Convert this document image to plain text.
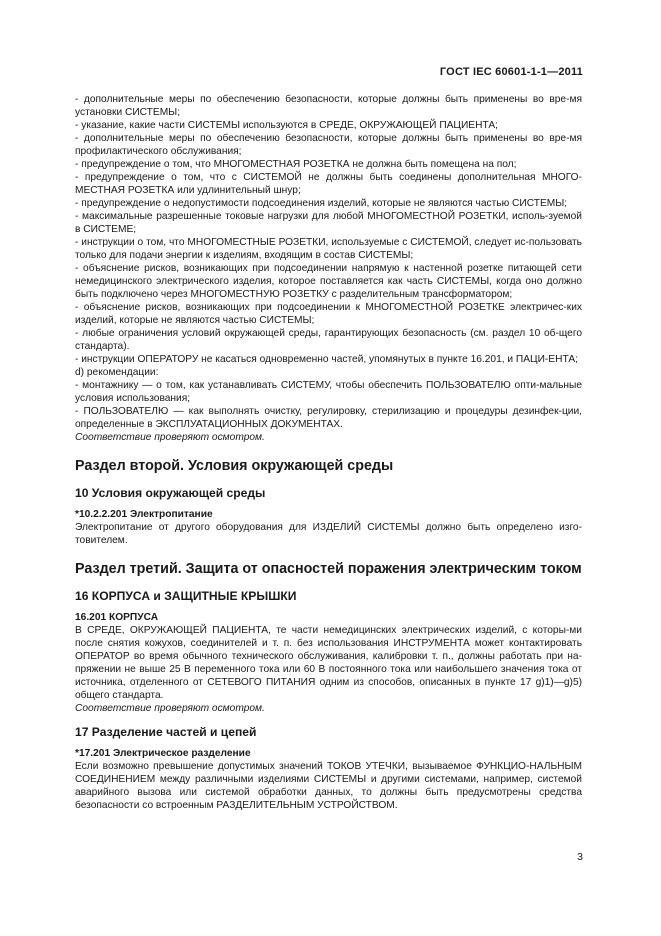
ГОСТ IEC 60601-1-1—2011

- дополнительные меры по обеспечению безопасности, которые должны быть применены во вре-мя установки СИСТЕМЫ;

- указание, какие части СИСТЕМЫ используются в СРЕДЕ, ОКРУЖАЮЩЕЙ ПАЦИЕНТА;

- дополнительные меры по обеспечению безопасности, которые должны быть применены во вре-мя профилактического обслуживания;

- предупреждение о том, что МНОГОМЕСТНАЯ РОЗЕТКА не должна быть помещена на пол;

- предупреждение о том, что с СИСТЕМОЙ не должны быть соединены дополнительная МНОГО-МЕСТНАЯ РОЗЕТКА или удлинительный шнур;

- предупреждение о недопустимости подсоединения изделий, которые не являются частью СИСТЕМЫ;

- максимальные разрешенные токовые нагрузки для любой МНОГОМЕСТНОЙ РОЗЕТКИ, исполь-зуемой в СИСТЕМЕ;

- инструкции о том, что МНОГОМЕСТНЫЕ РОЗЕТКИ, используемые с СИСТЕМОЙ, следует ис-пользовать только для подачи энергии к изделиям, входящим в состав СИСТЕМЫ;

- объяснение рисков, возникающих при подсоединении напрямую к настенной розетке питающей сети немедицинского электрического изделия, которое поставляется как часть СИСТЕМЫ, когда оно должно быть подключено через МНОГОМЕСТНУЮ РОЗЕТКУ с разделительным трансформатором;

- объяснение рисков, возникающих при подсоединении к МНОГОМЕСТНОЙ РОЗЕТКЕ электричес-ких изделий, которые не являются частью СИСТЕМЫ;

- любые ограничения условий окружающей среды, гарантирующих безопасность (см. раздел 10 об-щего стандарта).

- инструкции ОПЕРАТОРУ не касаться одновременно частей, упомянутых в пункте 16.201, и ПАЦИ-ЕНТА;

d) рекомендации:

- монтажнику — о том, как устанавливать СИСТЕМУ, чтобы обеспечить ПОЛЬЗОВАТЕЛЮ опти-мальные условия использования;

- ПОЛЬЗОВАТЕЛЮ — как выполнять очистку, регулировку, стерилизацию и процедуры дезинфек-ции, определенные в ЭКСПЛУАТАЦИОННЫХ ДОКУМЕНТАХ.

Соответствие проверяют осмотром.

Раздел второй. Условия окружающей среды
10 Условия окружающей среды
*10.2.2.201 Электропитание

Электропитание от другого оборудования для ИЗДЕЛИЙ СИСТЕМЫ должно быть определено изго-товителем.

Раздел третий. Защита от опасностей поражения электрическим током
16 КОРПУСА и ЗАЩИТНЫЕ КРЫШКИ
16.201 КОРПУСА

В СРЕДЕ, ОКРУЖАЮЩЕЙ ПАЦИЕНТА, те части немедицинских электрических изделий, с которы-ми после снятия кожухов, соединителей и т. п. без использования ИНСТРУМЕНТА может контактировать ОПЕРАТОР во время обычного технического обслуживания, калибровки т. п., должны работать при на-пряжении не выше 25 В переменного тока или 60 В постоянного тока или наибольшего значения тока от источника, отделенного от СЕТЕВОГО ПИТАНИЯ одним из способов, описанных в пункте 17 g)1)—g)5) общего стандарта.

Соответствие проверяют осмотром.

17 Разделение частей и цепей
*17.201 Электрическое разделение

Если возможно превышение допустимых значений ТОКОВ УТЕЧКИ, вызываемое ФУНКЦИО-НАЛЬНЫМ СОЕДИНЕНИЕМ между различными изделиями СИСТЕМЫ и другими системами, например, системой аварийного вызова или системой обработки данных, то должны быть предусмотрены средства безопасности со встроенным РАЗДЕЛИТЕЛЬНЫМ УСТРОЙСТВОМ.

3
